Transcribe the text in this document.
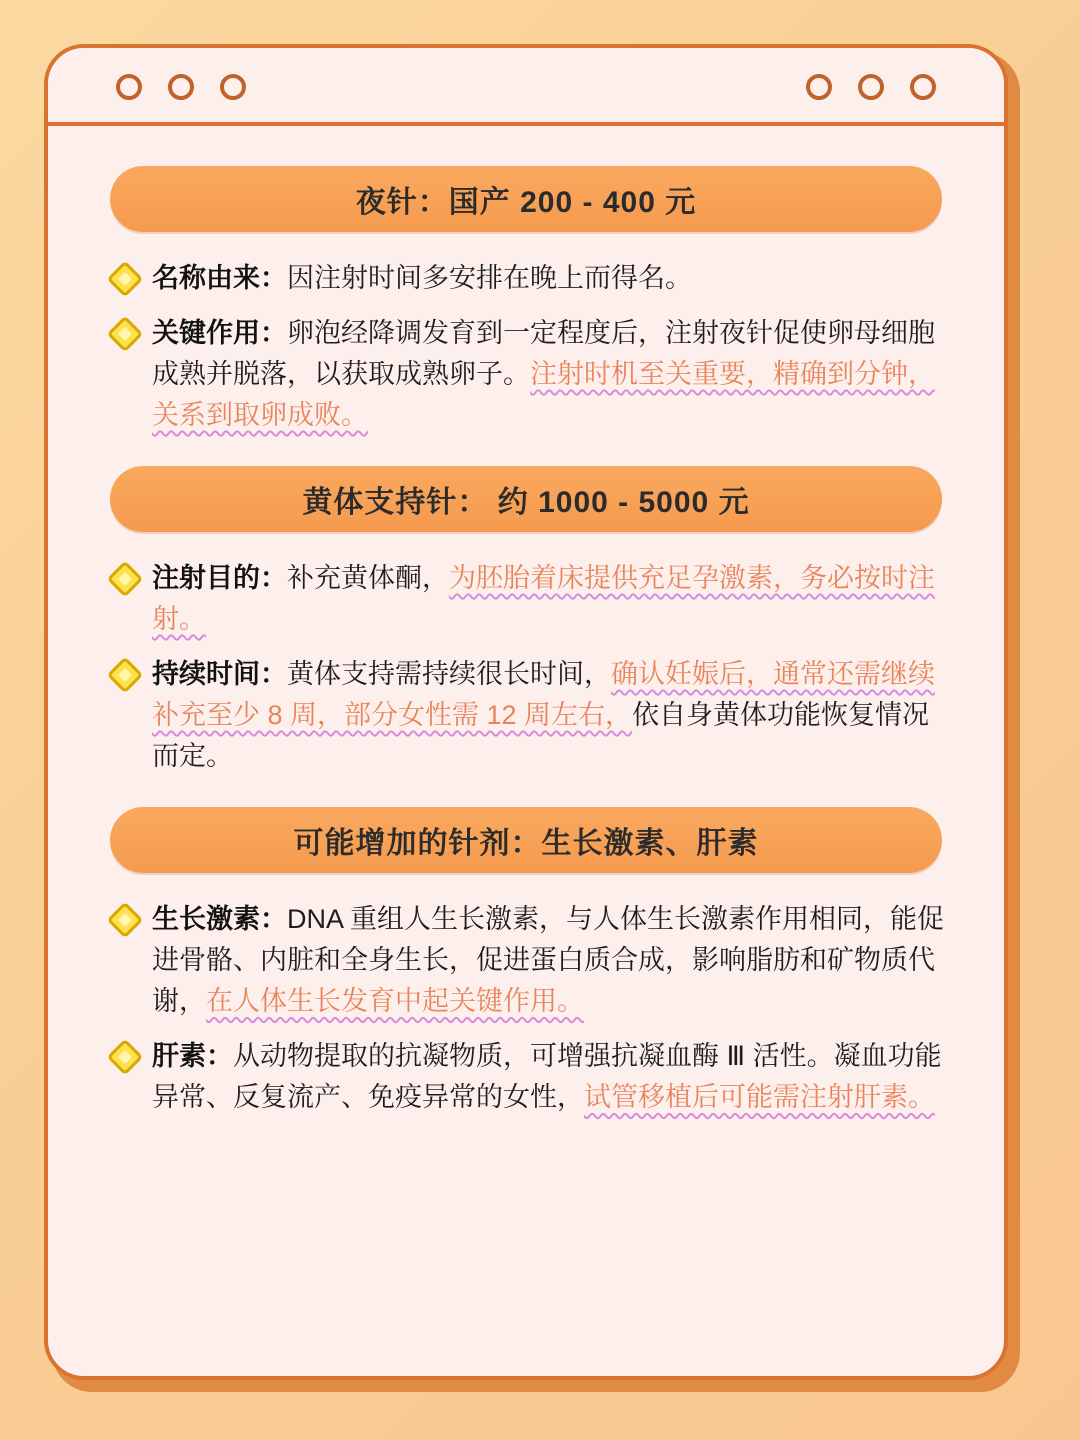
夜针：国产 200 - 400 元
名称由来：因注射时间多安排在晚上而得名。
关键作用：卵泡经降调发育到一定程度后，注射夜针促使卵母细胞成熟并脱落，以获取成熟卵子。注射时机至关重要，精确到分钟，关系到取卵成败。
黄体支持针： 约 1000 - 5000 元
注射目的：补充黄体酮，为胚胎着床提供充足孕激素，务必按时注射。
持续时间：黄体支持需持续很长时间，确认妊娠后，通常还需继续补充至少 8 周，部分女性需 12 周左右，依自身黄体功能恢复情况而定。
可能增加的针剂：生长激素、肝素
生长激素：DNA 重组人生长激素，与人体生长激素作用相同，能促进骨骼、内脏和全身生长，促进蛋白质合成，影响脂肪和矿物质代谢，在人体生长发育中起关键作用。
肝素：从动物提取的抗凝物质，可增强抗凝血酶 Ⅲ 活性。凝血功能异常、反复流产、免疫异常的女性，试管移植后可能需注射肝素。
